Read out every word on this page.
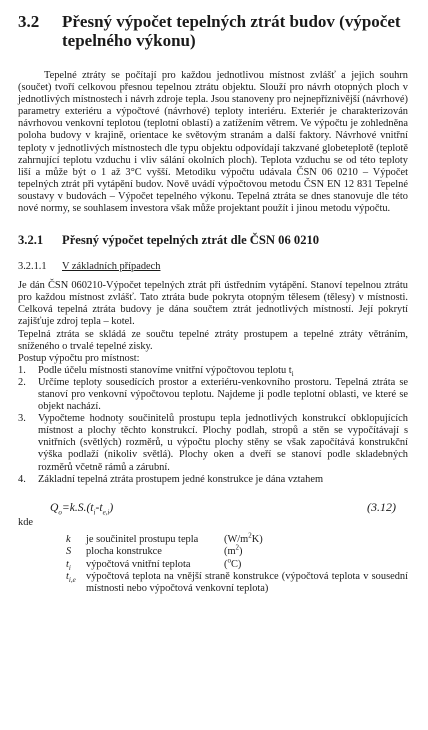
3.2	Přesný výpočet tepelných ztrát budov (výpočet tepelného výkonu)

Tepelné ztráty se počítají pro každou jednotlivou místnost zvlášť a jejich souhrn (součet) tvoří celkovou přesnou tepelnou ztrátu objektu. Slouží pro návrh otopných ploch v jednotlivých místnostech i návrh zdroje tepla. Jsou stanoveny pro nejnepříznivější (návrhové) parametry exteriéru a výpočtové (návrhové) teploty interiéru. Exteriér je charakterizován návrhovou venkovní teplotou (teplotní oblastí) a zatížením větrem. Ve výpočtu je zohledněna poloha budovy v krajině, orientace ke světovým stranám a další faktory. Návrhové vnitřní teploty v jednotlivých místnostech dle typu objektu odpovídají takzvané globeteplotě (teplotě zahrnující teplotu vzduchu i vliv sálání okolních ploch). Teplota vzduchu se od této teploty liší a může být o 1 až 3°C vyšší. Metodiku výpočtu udávala ČSN 06 0210 – Výpočet tepelných ztrát při vytápění budov. Nově uvádí výpočtovou metodu ČSN EN 12 831 Tepelné soustavy v budovách – Výpočet tepelného výkonu. Tepelná ztráta se dnes stanovuje dle této nové normy, se souhlasem investora však může projektant použít i jinou metodu výpočtu.

3.2.1	Přesný výpočet tepelných ztrát dle ČSN 06 0210
3.2.1.1	V základních případech

Je dán ČSN 060210-Výpočet tepelných ztrát při ústředním vytápění. Stanoví tepelnou ztrátu pro každou místnost zvlášť. Tato ztráta bude pokryta otopným tělesem (tělesy) v místnosti. Celková tepelná ztráta budovy je dána součtem ztrát jednotlivých místností. Její pokrytí zajišťuje zdroj tepla – kotel.

Tepelná ztráta se skládá ze součtu tepelné ztráty prostupem a tepelné ztráty větráním, sníženého o trvalé tepelné zisky.

Postup výpočtu pro místnost:

1.	Podle účelu místnosti stanovíme vnitřní výpočtovou teplotu $t_i$
2.	Určíme teploty sousedících prostor a exteriéru-venkovního prostoru. Tepelná ztráta se stanoví pro venkovní výpočtovou teplotu. Najdeme ji podle teplotní oblasti, ve které se objekt nachází.
3.	Vypočtemе hodnoty součinitelů prostupu tepla jednotlivých konstrukcí obklopujících místnost a plochy těchto konstrukcí. Plochy podlah, stropů a stěn se vypočítávají s vnitřních (světlých) rozměrů, u výpočtu plochy stěny se však započítává konstrukční výška podlaží (nikoliv světlá). Plochy oken a dveří se stanoví podle skladebných rozměrů včetně rámů a zárubní.
4.	Základní tepelná ztráta prostupem jedné konstrukce je dána vztahem
$Q_o=k.S.(t_i-t_{e,i})$	(3.12)
kde
k	je součinitel prostupu tepla	$(W/m^2K)$
S	plocha konstrukce	$(m^2)$
$t_i$	výpočtová vnitřní teplota	($^o$C)
$t_{i,e}$ výpočtová teplota na vnější straně konstrukce (výpočtová teplota v sousední místnosti nebo výpočtová venkovní teplota)
